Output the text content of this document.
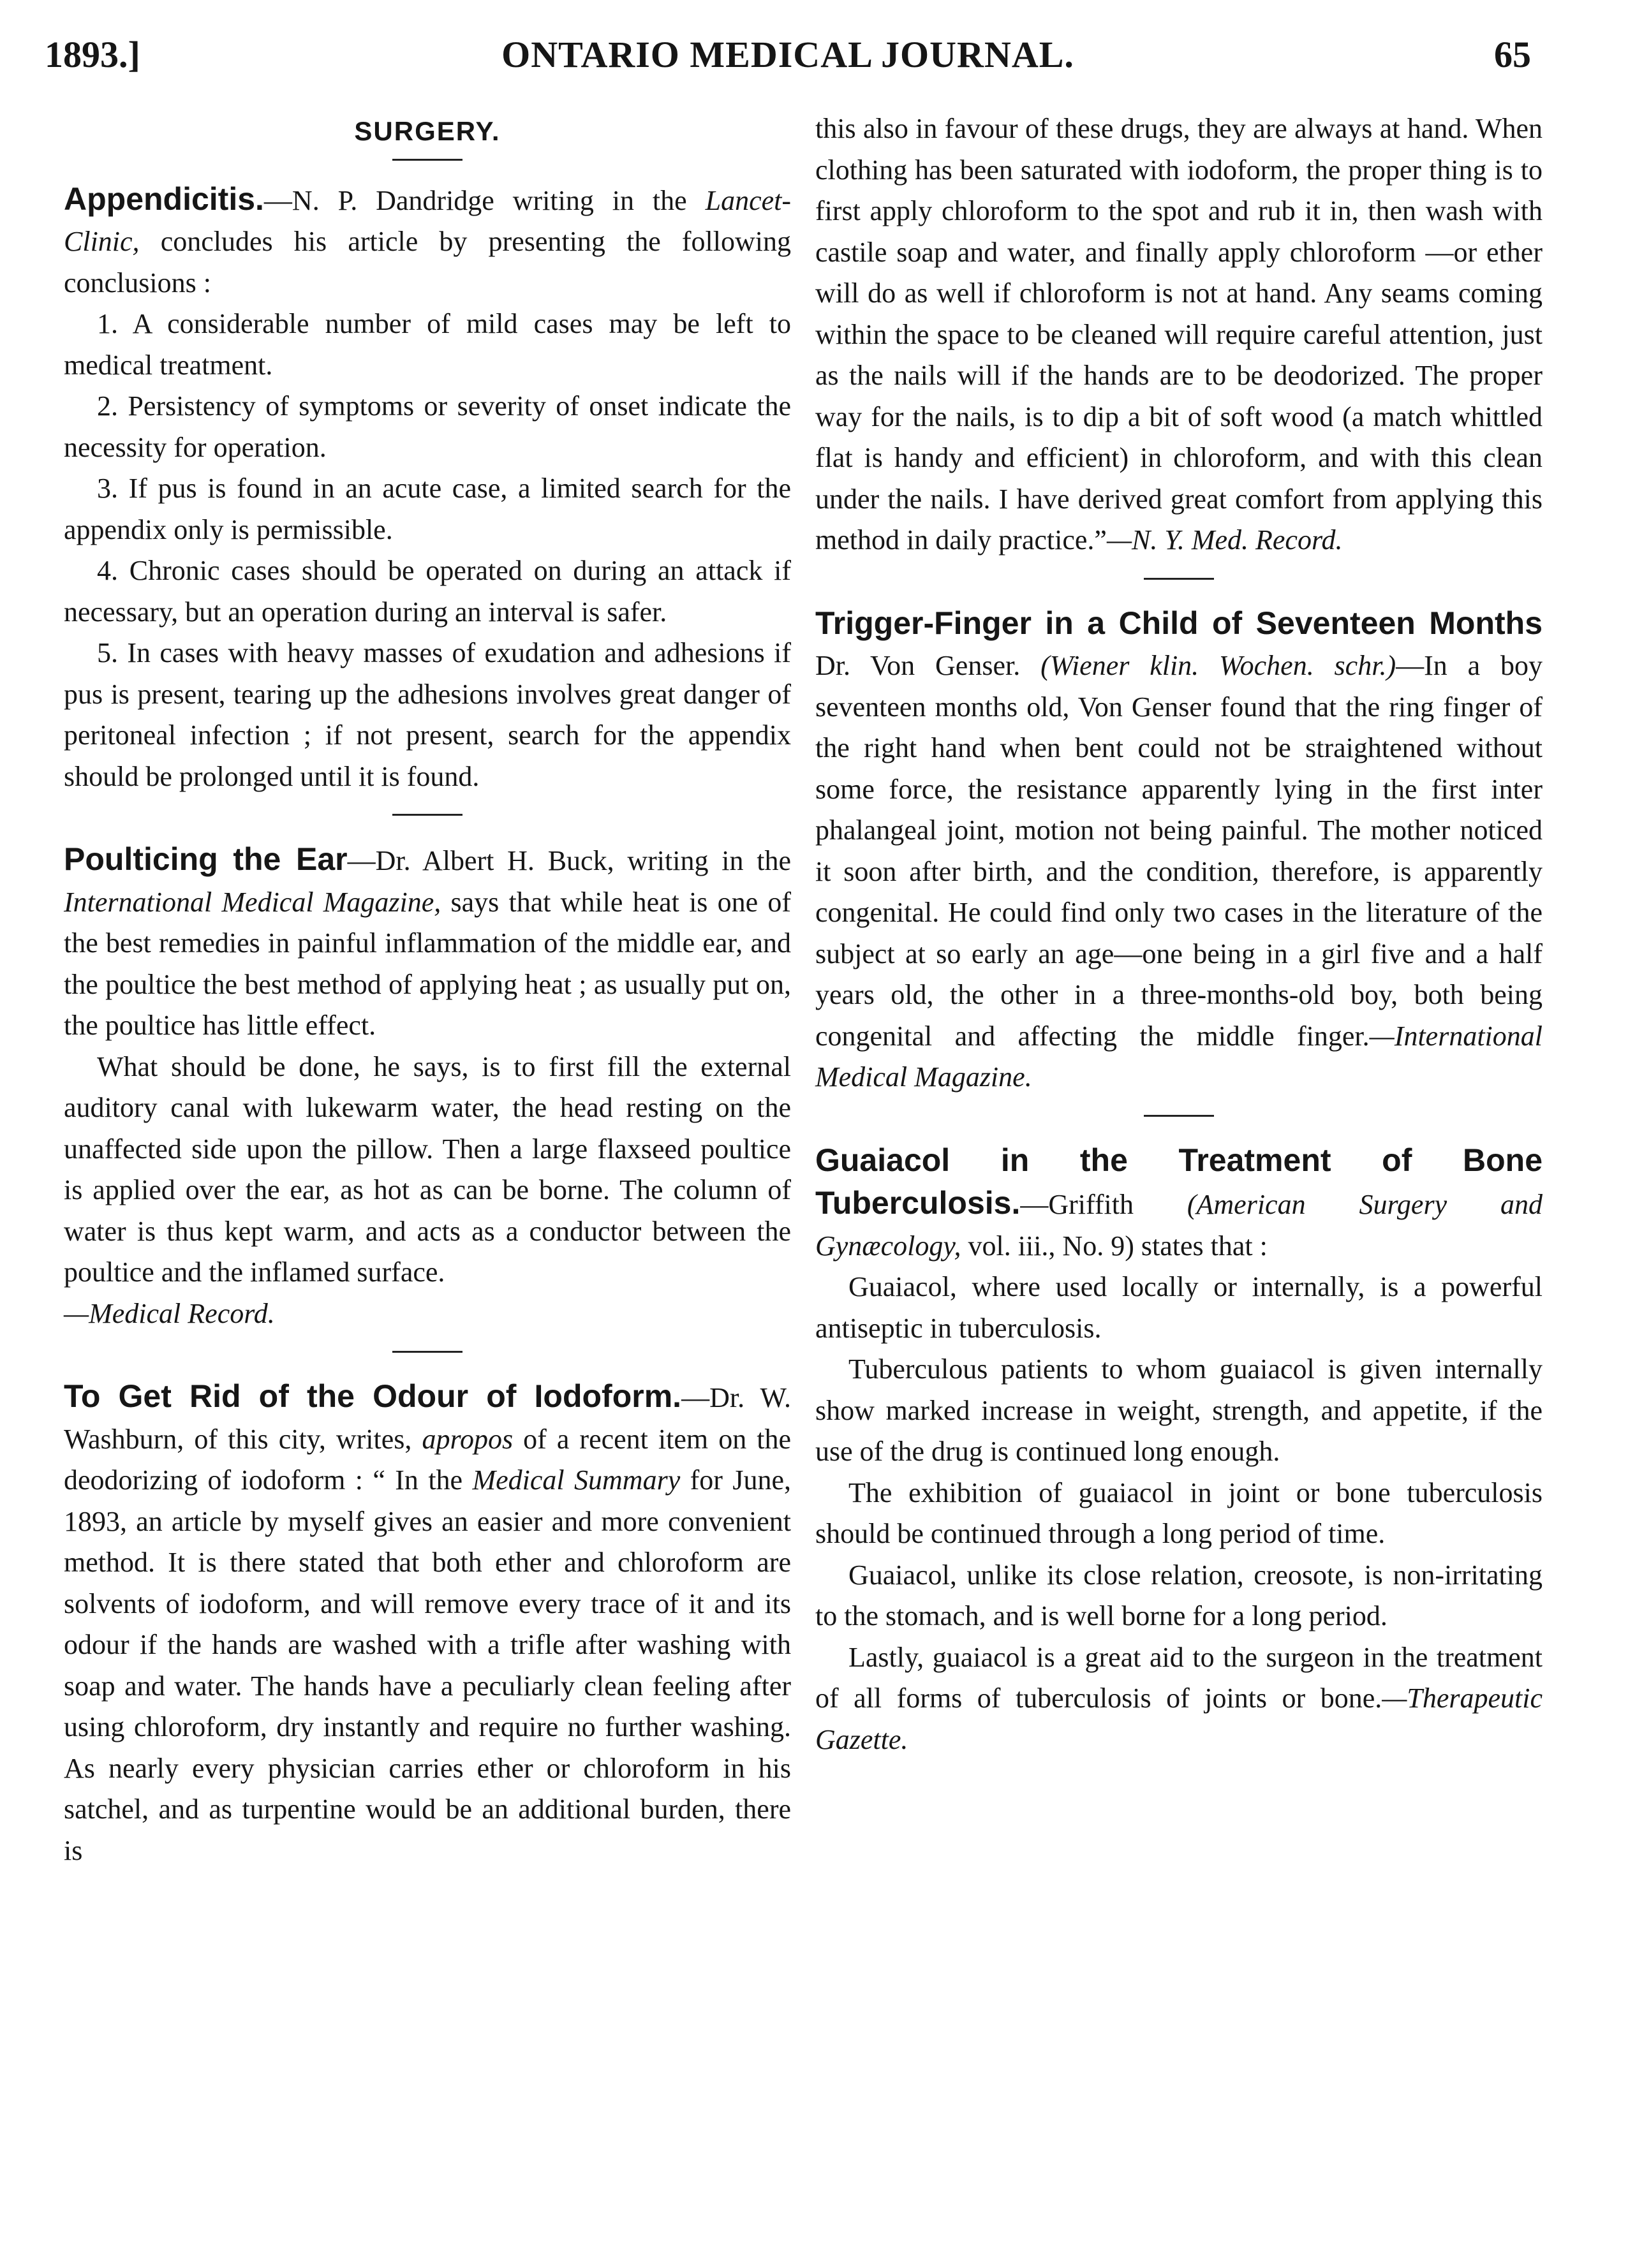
1893.]	ONTARIO MEDICAL JOURNAL.	65
SURGERY.

Appendicitis.—N. P. Dandridge writing in the Lancet-Clinic, concludes his article by presenting the following conclusions :

1. A considerable number of mild cases may be left to medical treatment.

2. Persistency of symptoms or severity of onset indicate the necessity for operation.

3. If pus is found in an acute case, a limited search for the appendix only is permissible.

4. Chronic cases should be operated on during an attack if necessary, but an operation during an interval is safer.

5. In cases with heavy masses of exudation and adhesions if pus is present, tearing up the adhesions involves great danger of peritoneal infection ; if not present, search for the appendix should be prolonged until it is found.

Poulticing the Ear—Dr. Albert H. Buck, writing in the International Medical Magazine, says that while heat is one of the best remedies in painful inflammation of the middle ear, and the poultice the best method of applying heat ; as usually put on, the poultice has little effect.

What should be done, he says, is to first fill the external auditory canal with lukewarm water, the head resting on the unaffected side upon the pillow. Then a large flaxseed poultice is applied over the ear, as hot as can be borne. The column of water is thus kept warm, and acts as a conductor between the poultice and the inflamed surface.

—Medical Record.

To Get Rid of the Odour of Iodoform.—Dr. W. Washburn, of this city, writes, apropos of a recent item on the deodorizing of iodoform : “ In the Medical Summary for June, 1893, an article by myself gives an easier and more convenient method. It is there stated that both ether and chloroform are solvents of iodoform, and will remove every trace of it and its odour if the hands are washed with a trifle after washing with soap and water. The hands have a peculiarly clean feeling after using chloroform, dry instantly and require no further washing. As nearly every physician carries ether or chloroform in his satchel, and as turpentine would be an additional burden, there is

this also in favour of these drugs, they are always at hand. When clothing has been saturated with iodoform, the proper thing is to first apply chloroform to the spot and rub it in, then wash with castile soap and water, and finally apply chloroform —or ether will do as well if chloroform is not at hand. Any seams coming within the space to be cleaned will require careful attention, just as the nails will if the hands are to be deodorized. The proper way for the nails, is to dip a bit of soft wood (a match whittled flat is handy and efficient) in chloroform, and with this clean under the nails. I have derived great comfort from applying this method in daily practice.”—N. Y. Med. Record.

Trigger-Finger in a Child of Seventeen Months Dr. Von Genser. (Wiener klin. Wochen. schr.)—In a boy seventeen months old, Von Genser found that the ring finger of the right hand when bent could not be straightened without some force, the resistance apparently lying in the first inter phalangeal joint, motion not being painful. The mother noticed it soon after birth, and the condition, therefore, is apparently congenital. He could find only two cases in the literature of the subject at so early an age—one being in a girl five and a half years old, the other in a three-months-old boy, both being congenital and affecting the middle finger.—International Medical Magazine.

Guaiacol in the Treatment of Bone Tuberculosis.—Griffith (American Surgery and Gynæcology, vol. iii., No. 9) states that :

Guaiacol, where used locally or internally, is a powerful antiseptic in tuberculosis.

Tuberculous patients to whom guaiacol is given internally show marked increase in weight, strength, and appetite, if the use of the drug is continued long enough.

The exhibition of guaiacol in joint or bone tuberculosis should be continued through a long period of time.

Guaiacol, unlike its close relation, creosote, is non-irritating to the stomach, and is well borne for a long period.

Lastly, guaiacol is a great aid to the surgeon in the treatment of all forms of tuberculosis of joints or bone.—Therapeutic Gazette.
